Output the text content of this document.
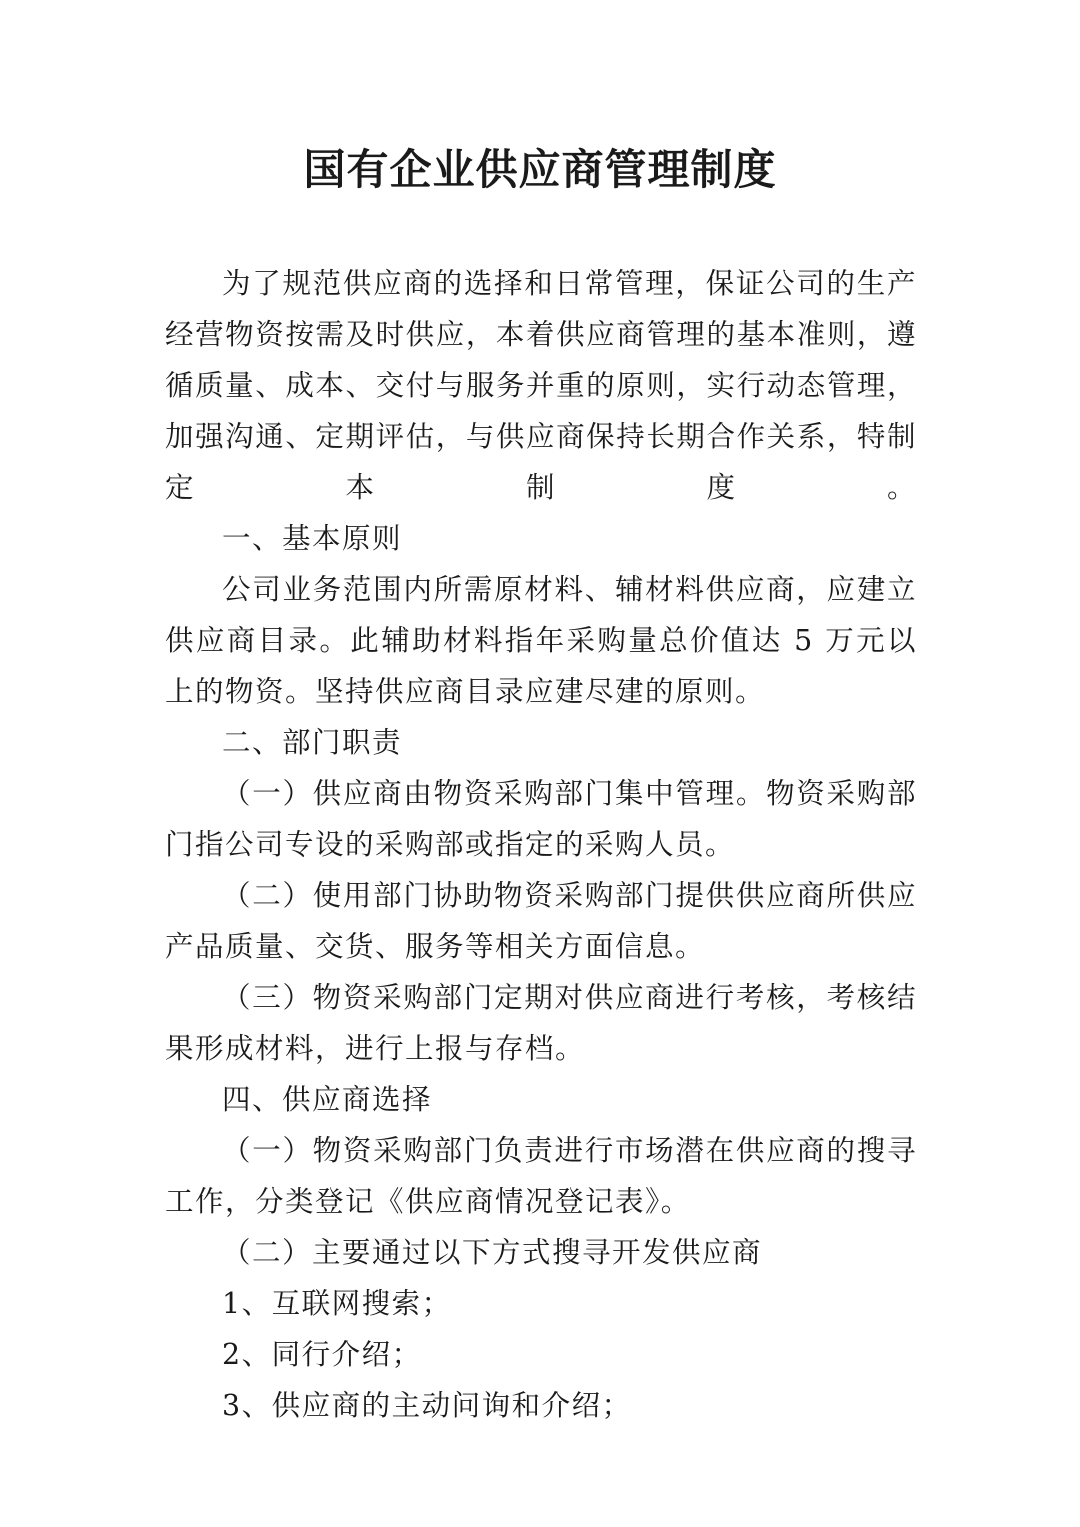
国有企业供应商管理制度

为了规范供应商的选择和日常管理，保证公司的生产经营物资按需及时供应，本着供应商管理的基本准则，遵循质量、成本、交付与服务并重的原则，实行动态管理，加强沟通、定期评估，与供应商保持长期合作关系，特制定本制度。

一、基本原则

公司业务范围内所需原材料、辅材料供应商，应建立供应商目录。此辅助材料指年采购量总价值达 5 万元以上的物资。坚持供应商目录应建尽建的原则。

二、部门职责

（一）供应商由物资采购部门集中管理。物资采购部门指公司专设的采购部或指定的采购人员。

（二）使用部门协助物资采购部门提供供应商所供应产品质量、交货、服务等相关方面信息。

（三）物资采购部门定期对供应商进行考核，考核结果形成材料，进行上报与存档。

四、供应商选择

（一）物资采购部门负责进行市场潜在供应商的搜寻工作，分类登记《供应商情况登记表》。

（二）主要通过以下方式搜寻开发供应商

1、互联网搜索；

2、同行介绍；

3、供应商的主动问询和介绍；
